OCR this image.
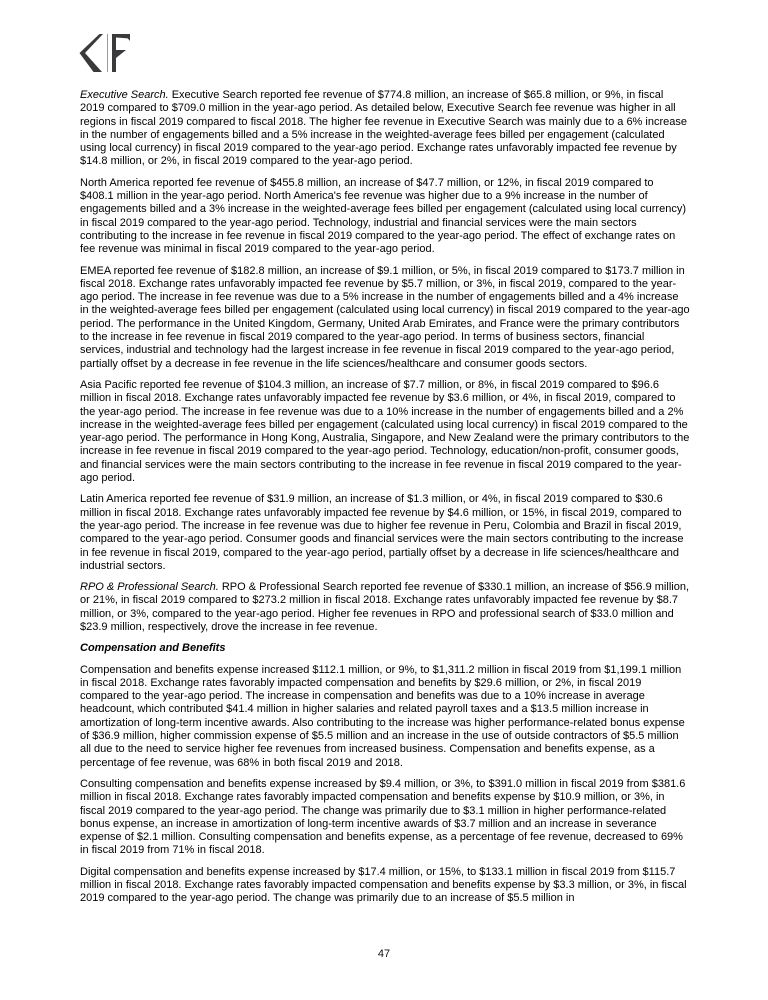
Executive Search. Executive Search reported fee revenue of $774.8 million, an increase of $65.8 million, or 9%, in fiscal 2019 compared to $709.0 million in the year-ago period. As detailed below, Executive Search fee revenue was higher in all regions in fiscal 2019 compared to fiscal 2018. The higher fee revenue in Executive Search was mainly due to a 6% increase in the number of engagements billed and a 5% increase in the weighted-average fees billed per engagement (calculated using local currency) in fiscal 2019 compared to the year-ago period. Exchange rates unfavorably impacted fee revenue by $14.8 million, or 2%, in fiscal 2019 compared to the year-ago period.

North America reported fee revenue of $455.8 million, an increase of $47.7 million, or 12%, in fiscal 2019 compared to $408.1 million in the year-ago period. North America's fee revenue was higher due to a 9% increase in the number of engagements billed and a 3% increase in the weighted-average fees billed per engagement (calculated using local currency) in fiscal 2019 compared to the year-ago period. Technology, industrial and financial services were the main sectors contributing to the increase in fee revenue in fiscal 2019 compared to the year-ago period. The effect of exchange rates on fee revenue was minimal in fiscal 2019 compared to the year-ago period.

EMEA reported fee revenue of $182.8 million, an increase of $9.1 million, or 5%, in fiscal 2019 compared to $173.7 million in fiscal 2018. Exchange rates unfavorably impacted fee revenue by $5.7 million, or 3%, in fiscal 2019, compared to the year-ago period. The increase in fee revenue was due to a 5% increase in the number of engagements billed and a 4% increase in the weighted-average fees billed per engagement (calculated using local currency) in fiscal 2019 compared to the year-ago period. The performance in the United Kingdom, Germany, United Arab Emirates, and France were the primary contributors to the increase in fee revenue in fiscal 2019 compared to the year-ago period. In terms of business sectors, financial services, industrial and technology had the largest increase in fee revenue in fiscal 2019 compared to the year-ago period, partially offset by a decrease in fee revenue in the life sciences/healthcare and consumer goods sectors.

Asia Pacific reported fee revenue of $104.3 million, an increase of $7.7 million, or 8%, in fiscal 2019 compared to $96.6 million in fiscal 2018. Exchange rates unfavorably impacted fee revenue by $3.6 million, or 4%, in fiscal 2019, compared to the year-ago period. The increase in fee revenue was due to a 10% increase in the number of engagements billed and a 2% increase in the weighted-average fees billed per engagement (calculated using local currency) in fiscal 2019 compared to the year-ago period. The performance in Hong Kong, Australia, Singapore, and New Zealand were the primary contributors to the increase in fee revenue in fiscal 2019 compared to the year-ago period. Technology, education/non-profit, consumer goods, and financial services were the main sectors contributing to the increase in fee revenue in fiscal 2019 compared to the year-ago period.

Latin America reported fee revenue of $31.9 million, an increase of $1.3 million, or 4%, in fiscal 2019 compared to $30.6 million in fiscal 2018. Exchange rates unfavorably impacted fee revenue by $4.6 million, or 15%, in fiscal 2019, compared to the year-ago period. The increase in fee revenue was due to higher fee revenue in Peru, Colombia and Brazil in fiscal 2019, compared to the year-ago period. Consumer goods and financial services were the main sectors contributing to the increase in fee revenue in fiscal 2019, compared to the year-ago period, partially offset by a decrease in life sciences/healthcare and industrial sectors.

RPO & Professional Search. RPO & Professional Search reported fee revenue of $330.1 million, an increase of $56.9 million, or 21%, in fiscal 2019 compared to $273.2 million in fiscal 2018. Exchange rates unfavorably impacted fee revenue by $8.7 million, or 3%, compared to the year-ago period. Higher fee revenues in RPO and professional search of $33.0 million and $23.9 million, respectively, drove the increase in fee revenue.

Compensation and Benefits

Compensation and benefits expense increased $112.1 million, or 9%, to $1,311.2 million in fiscal 2019 from $1,199.1 million in fiscal 2018. Exchange rates favorably impacted compensation and benefits by $29.6 million, or 2%, in fiscal 2019 compared to the year-ago period. The increase in compensation and benefits was due to a 10% increase in average headcount, which contributed $41.4 million in higher salaries and related payroll taxes and a $13.5 million increase in amortization of long-term incentive awards. Also contributing to the increase was higher performance-related bonus expense of $36.9 million, higher commission expense of $5.5 million and an increase in the use of outside contractors of $5.5 million all due to the need to service higher fee revenues from increased business. Compensation and benefits expense, as a percentage of fee revenue, was 68% in both fiscal 2019 and 2018.

Consulting compensation and benefits expense increased by $9.4 million, or 3%, to $391.0 million in fiscal 2019 from $381.6 million in fiscal 2018. Exchange rates favorably impacted compensation and benefits expense by $10.9 million, or 3%, in fiscal 2019 compared to the year-ago period. The change was primarily due to $3.1 million in higher performance-related bonus expense, an increase in amortization of long-term incentive awards of $3.7 million and an increase in severance expense of $2.1 million. Consulting compensation and benefits expense, as a percentage of fee revenue, decreased to 69% in fiscal 2019 from 71% in fiscal 2018.

Digital compensation and benefits expense increased by $17.4 million, or 15%, to $133.1 million in fiscal 2019 from $115.7 million in fiscal 2018. Exchange rates favorably impacted compensation and benefits expense by $3.3 million, or 3%, in fiscal 2019 compared to the year-ago period. The change was primarily due to an increase of $5.5 million in

47
